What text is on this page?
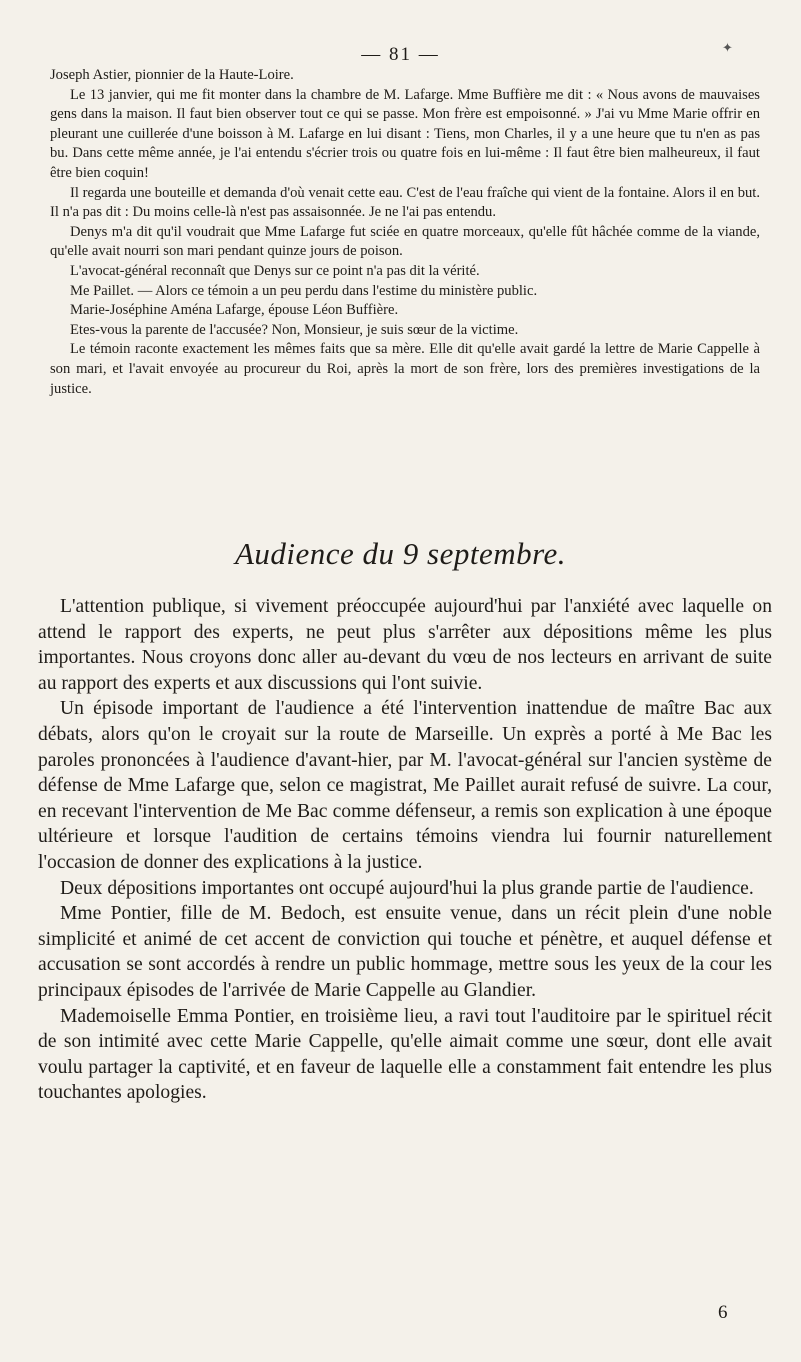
— 81 —	✦

Joseph Astier, pionnier de la Haute-Loire.

Le 13 janvier, qui me fit monter dans la chambre de M. Lafarge. Mme Buffière me dit : « Nous avons de mauvaises gens dans la maison. Il faut bien observer tout ce qui se passe. Mon frère est empoisonné. » J'ai vu Mme Marie offrir en pleurant une cuillerée d'une boisson à M. Lafarge en lui disant : Tiens, mon Charles, il y a une heure que tu n'en as pas bu. Dans cette même année, je l'ai entendu s'écrier trois ou quatre fois en lui-même : Il faut être bien malheureux, il faut être bien coquin!

Il regarda une bouteille et demanda d'où venait cette eau. C'est de l'eau fraîche qui vient de la fontaine. Alors il en but. Il n'a pas dit : Du moins celle-là n'est pas assaisonnée. Je ne l'ai pas entendu.

Denys m'a dit qu'il voudrait que Mme Lafarge fut sciée en quatre morceaux, qu'elle fût hâchée comme de la viande, qu'elle avait nourri son mari pendant quinze jours de poison.

L'avocat-général reconnaît que Denys sur ce point n'a pas dit la vérité.

Me Paillet. — Alors ce témoin a un peu perdu dans l'estime du ministère public.

Marie-Joséphine Aména Lafarge, épouse Léon Buffière.

Etes-vous la parente de l'accusée? Non, Monsieur, je suis sœur de la victime.

Le témoin raconte exactement les mêmes faits que sa mère. Elle dit qu'elle avait gardé la lettre de Marie Cappelle à son mari, et l'avait envoyée au procureur du Roi, après la mort de son frère, lors des premières investigations de la justice.

Audience du 9 septembre.

L'attention publique, si vivement préoccupée aujourd'hui par l'anxiété avec laquelle on attend le rapport des experts, ne peut plus s'arrêter aux dépositions même les plus importantes. Nous croyons donc aller au-devant du vœu de nos lecteurs en arrivant de suite au rapport des experts et aux discussions qui l'ont suivie.

Un épisode important de l'audience a été l'intervention inattendue de maître Bac aux débats, alors qu'on le croyait sur la route de Marseille. Un exprès a porté à Me Bac les paroles prononcées à l'audience d'avant-hier, par M. l'avocat-général sur l'ancien système de défense de Mme Lafarge que, selon ce magistrat, Me Paillet aurait refusé de suivre. La cour, en recevant l'intervention de Me Bac comme défenseur, a remis son explication à une époque ultérieure et lorsque l'audition de certains témoins viendra lui fournir naturellement l'occasion de donner des explications à la justice.

Deux dépositions importantes ont occupé aujourd'hui la plus grande partie de l'audience.

Mme Pontier, fille de M. Bedoch, est ensuite venue, dans un récit plein d'une noble simplicité et animé de cet accent de conviction qui touche et pénètre, et auquel défense et accusation se sont accordés à rendre un public hommage, mettre sous les yeux de la cour les principaux épisodes de l'arrivée de Marie Cappelle au Glandier.

Mademoiselle Emma Pontier, en troisième lieu, a ravi tout l'auditoire par le spirituel récit de son intimité avec cette Marie Cappelle, qu'elle aimait comme une sœur, dont elle avait voulu partager la captivité, et en faveur de laquelle elle a constamment fait entendre les plus touchantes apologies.

6
